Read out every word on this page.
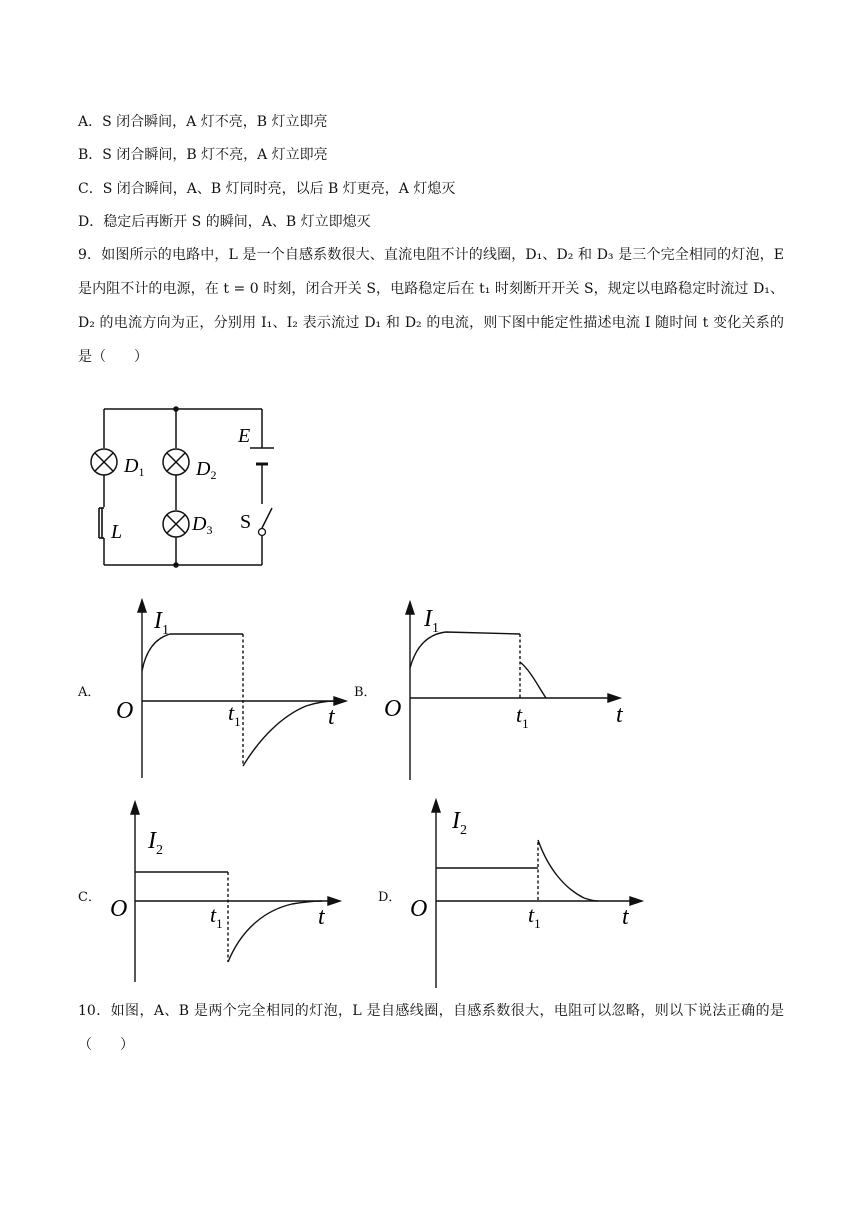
A．S 闭合瞬间，A 灯不亮，B 灯立即亮
B．S 闭合瞬间，B 灯不亮，A 灯立即亮
C．S 闭合瞬间，A、B 灯同时亮，以后 B 灯更亮，A 灯熄灭
D．稳定后再断开 S 的瞬间，A、B 灯立即熄灭
9．如图所示的电路中，L 是一个自感系数很大、直流电阻不计的线圈，D₁、D₂ 和 D₃ 是三个完全相同的灯泡，E 是内阻不计的电源，在 t = 0 时刻，闭合开关 S，电路稳定后在 t₁ 时刻断开开关 S，规定以电路稳定时流过 D₁、D₂ 的电流方向为正，分别用 I₁、I₂ 表示流过 D₁ 和 D₂ 的电流，则下图中能定性描述电流 I 随时间 t 变化关系的是（　　）
$D_1$	$D_2$
$D_3$
L
E
S
A．	B．
C．	D．
$I_1$
O	$t_1$	t
$I_1$
O	$t_1$	t
$I_2$
O	$t_1$	t
$I_2$
O	$t_1$	t
10．如图，A、B 是两个完全相同的灯泡，L 是自感线圈，自感系数很大，电阻可以忽略，则以下说法正确的是（　　）
